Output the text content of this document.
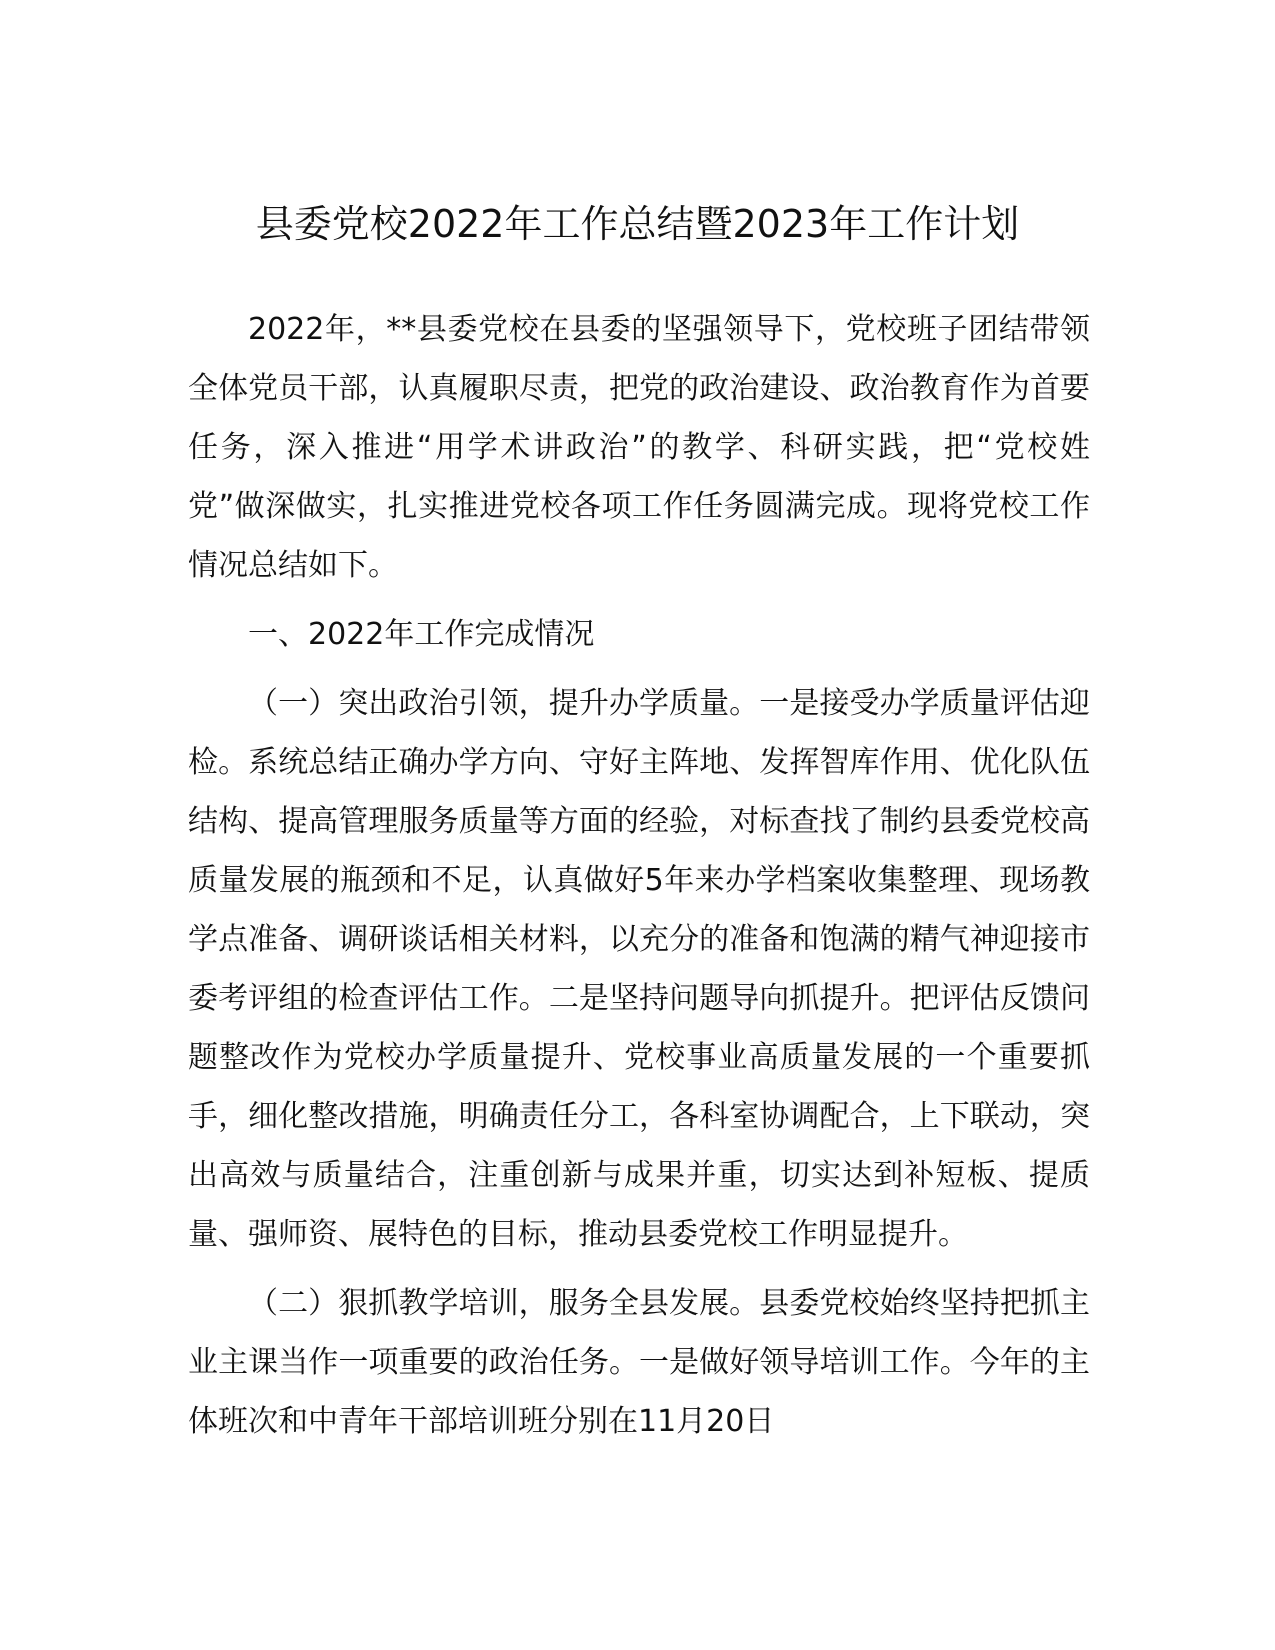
县委党校2022年工作总结暨2023年工作计划

2022年，**县委党校在县委的坚强领导下，党校班子团结带领全体党员干部，认真履职尽责，把党的政治建设、政治教育作为首要任务，深入推进“用学术讲政治”的教学、科研实践，把“党校姓党”做深做实，扎实推进党校各项工作任务圆满完成。现将党校工作情况总结如下。

一、2022年工作完成情况

（一）突出政治引领，提升办学质量。一是接受办学质量评估迎检。系统总结正确办学方向、守好主阵地、发挥智库作用、优化队伍结构、提高管理服务质量等方面的经验，对标查找了制约县委党校高质量发展的瓶颈和不足，认真做好5年来办学档案收集整理、现场教学点准备、调研谈话相关材料，以充分的准备和饱满的精气神迎接市委考评组的检查评估工作。二是坚持问题导向抓提升。把评估反馈问题整改作为党校办学质量提升、党校事业高质量发展的一个重要抓手，细化整改措施，明确责任分工，各科室协调配合，上下联动，突出高效与质量结合，注重创新与成果并重，切实达到补短板、提质量、强师资、展特色的目标，推动县委党校工作明显提升。

（二）狠抓教学培训，服务全县发展。县委党校始终坚持把抓主业主课当作一项重要的政治任务。一是做好领导培训工作。今年的主体班次和中青年干部培训班分别在11月20日
